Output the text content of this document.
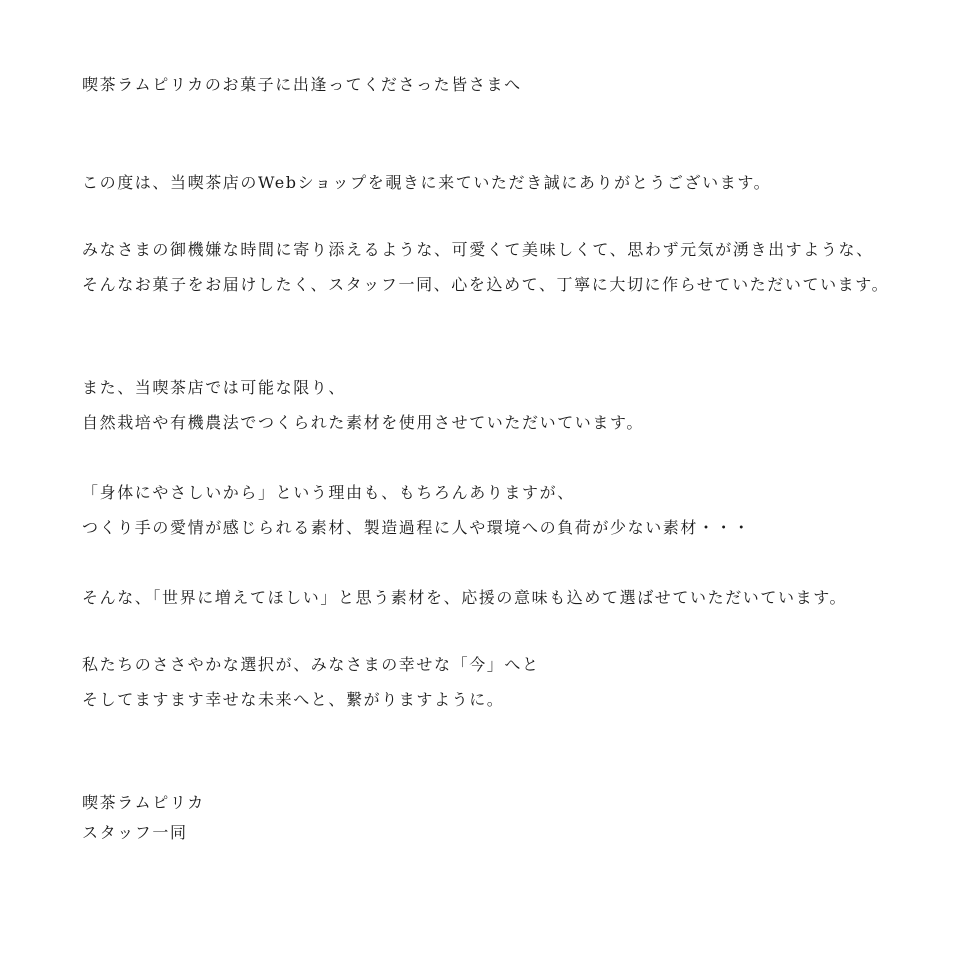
喫茶ラムピリカのお菓子に出逢ってくださった皆さまへ
この度は、当喫茶店のWebショップを覗きに来ていただき誠にありがとうございます。
みなさまの御機嫌な時間に寄り添えるような、可愛くて美味しくて、思わず元気が湧き出すような、
そんなお菓子をお届けしたく、スタッフ一同、心を込めて、丁寧に大切に作らせていただいています。
また、当喫茶店では可能な限り、
自然栽培や有機農法でつくられた素材を使用させていただいています。
「身体にやさしいから」という理由も、もちろんありますが、
つくり手の愛情が感じられる素材、製造過程に人や環境への負荷が少ない素材・・・
そんな、「世界に増えてほしい」と思う素材を、応援の意味も込めて選ばせていただいています。
私たちのささやかな選択が、みなさまの幸せな「今」へと
そしてますます幸せな未来へと、繋がりますように。
喫茶ラムピリカ
スタッフ一同
